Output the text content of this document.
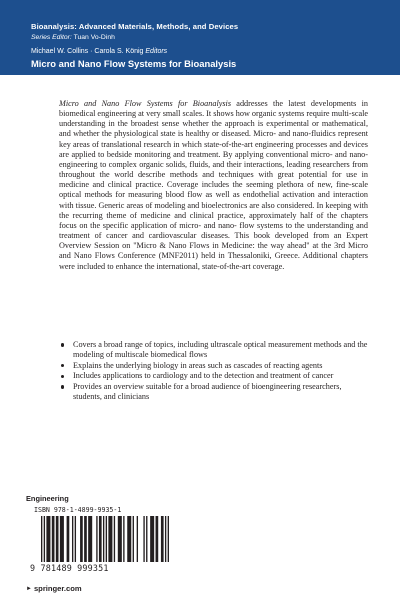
Bioanalysis: Advanced Materials, Methods, and Devices
Series Editor: Tuan Vo-Dinh
Michael W. Collins · Carola S. König Editors
Micro and Nano Flow Systems for Bioanalysis

Micro and Nano Flow Systems for Bioanalysis addresses the latest developments in biomedical engineering at very small scales. It shows how organic systems require multi-scale understanding in the broadest sense whether the approach is experimental or mathematical, and whether the physiological state is healthy or diseased. Micro- and nano-fluidics represent key areas of translational research in which state-of-the-art engineering processes and devices are applied to bedside monitoring and treatment. By applying conventional micro- and nano-engineering to complex organic solids, fluids, and their interactions, leading researchers from throughout the world describe methods and techniques with great potential for use in medicine and clinical practice. Coverage includes the seeming plethora of new, fine-scale optical methods for measuring blood flow as well as endothelial activation and interaction with tissue. Generic areas of modeling and bioelectronics are also considered. In keeping with the recurring theme of medicine and clinical practice, approximately half of the chapters focus on the specific application of micro- and nano- flow systems to the understanding and treatment of cancer and cardiovascular diseases. This book developed from an Expert Overview Session on "Micro & Nano Flows in Medicine: the way ahead" at the 3rd Micro and Nano Flows Conference (MNF2011) held in Thessaloniki, Greece. Additional chapters were included to enhance the international, state-of-the-art coverage.

Covers a broad range of topics, including ultrascale optical measurement methods and the modeling of multiscale biomedical flows
Explains the underlying biology in areas such as cascades of reacting agents
Includes applications to cardiology and to the detection and treatment of cancer
Provides an overview suitable for a broad audience of bioengineering researchers, students, and clinicians
Engineering
ISBN 978-1-4899-9935-1
9 781489 999351
► springer.com
